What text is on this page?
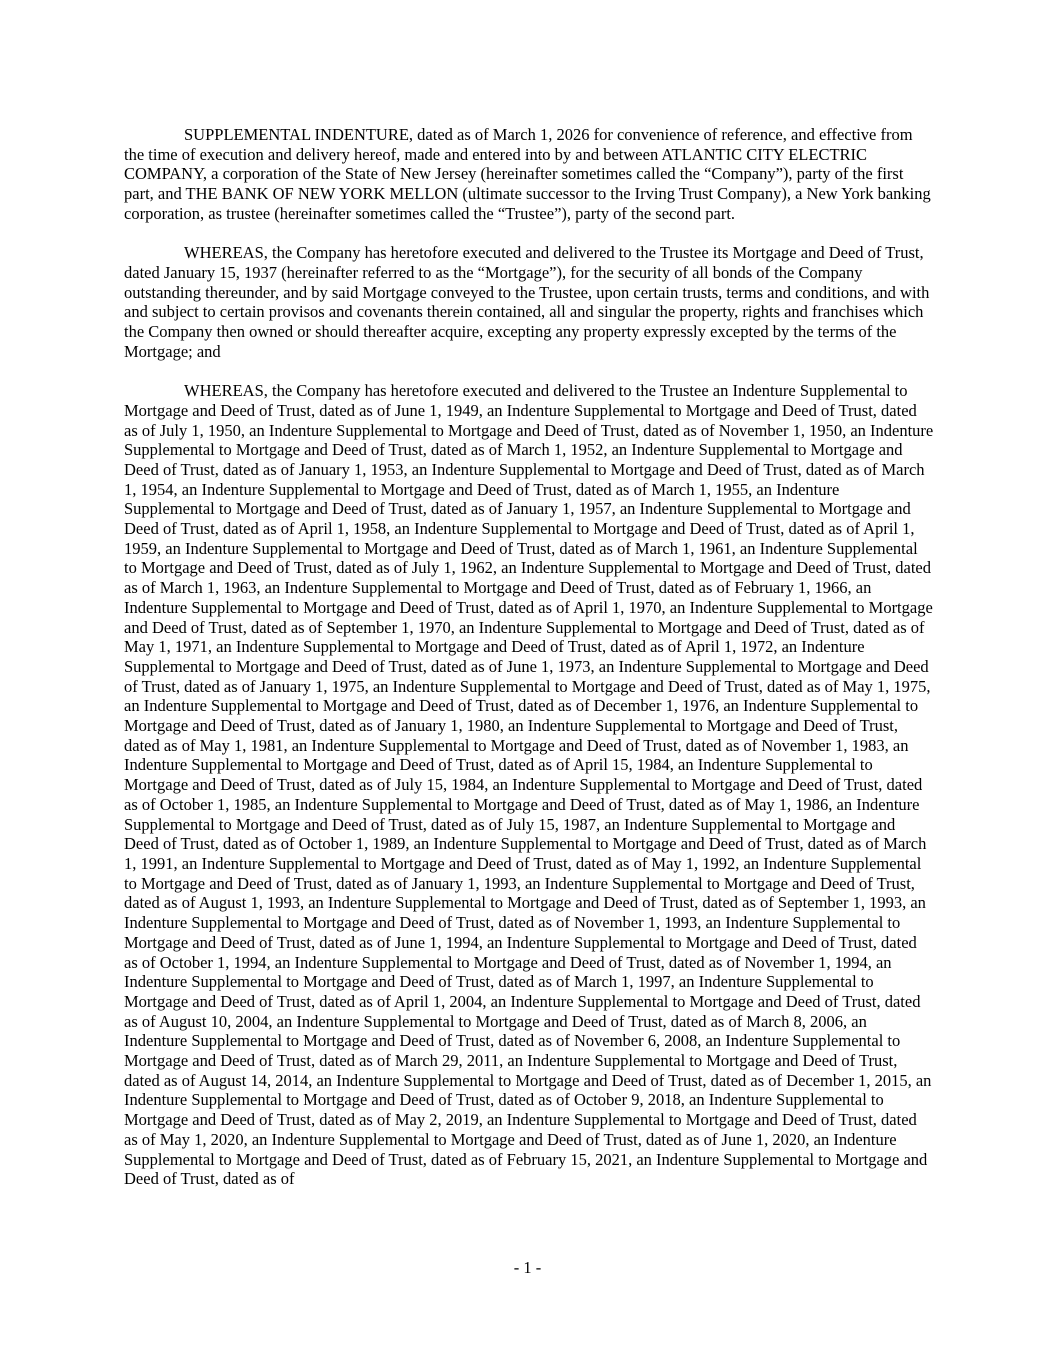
SUPPLEMENTAL INDENTURE, dated as of March 1, 2026 for convenience of reference, and effective from the time of execution and delivery hereof, made and entered into by and between ATLANTIC CITY ELECTRIC COMPANY, a corporation of the State of New Jersey (hereinafter sometimes called the “Company”), party of the first part, and THE BANK OF NEW YORK MELLON (ultimate successor to the Irving Trust Company), a New York banking corporation, as trustee (hereinafter sometimes called the “Trustee”), party of the second part.

WHEREAS, the Company has heretofore executed and delivered to the Trustee its Mortgage and Deed of Trust, dated January 15, 1937 (hereinafter referred to as the “Mortgage”), for the security of all bonds of the Company outstanding thereunder, and by said Mortgage conveyed to the Trustee, upon certain trusts, terms and conditions, and with and subject to certain provisos and covenants therein contained, all and singular the property, rights and franchises which the Company then owned or should thereafter acquire, excepting any property expressly excepted by the terms of the Mortgage; and

WHEREAS, the Company has heretofore executed and delivered to the Trustee an Indenture Supplemental to Mortgage and Deed of Trust, dated as of June 1, 1949, an Indenture Supplemental to Mortgage and Deed of Trust, dated as of July 1, 1950, an Indenture Supplemental to Mortgage and Deed of Trust, dated as of November 1, 1950, an Indenture Supplemental to Mortgage and Deed of Trust, dated as of March 1, 1952, an Indenture Supplemental to Mortgage and Deed of Trust, dated as of January 1, 1953, an Indenture Supplemental to Mortgage and Deed of Trust, dated as of March 1, 1954, an Indenture Supplemental to Mortgage and Deed of Trust, dated as of March 1, 1955, an Indenture Supplemental to Mortgage and Deed of Trust, dated as of January 1, 1957, an Indenture Supplemental to Mortgage and Deed of Trust, dated as of April 1, 1958, an Indenture Supplemental to Mortgage and Deed of Trust, dated as of April 1, 1959, an Indenture Supplemental to Mortgage and Deed of Trust, dated as of March 1, 1961, an Indenture Supplemental to Mortgage and Deed of Trust, dated as of July 1, 1962, an Indenture Supplemental to Mortgage and Deed of Trust, dated as of March 1, 1963, an Indenture Supplemental to Mortgage and Deed of Trust, dated as of February 1, 1966, an Indenture Supplemental to Mortgage and Deed of Trust, dated as of April 1, 1970, an Indenture Supplemental to Mortgage and Deed of Trust, dated as of September 1, 1970, an Indenture Supplemental to Mortgage and Deed of Trust, dated as of May 1, 1971, an Indenture Supplemental to Mortgage and Deed of Trust, dated as of April 1, 1972, an Indenture Supplemental to Mortgage and Deed of Trust, dated as of June 1, 1973, an Indenture Supplemental to Mortgage and Deed of Trust, dated as of January 1, 1975, an Indenture Supplemental to Mortgage and Deed of Trust, dated as of May 1, 1975, an Indenture Supplemental to Mortgage and Deed of Trust, dated as of December 1, 1976, an Indenture Supplemental to Mortgage and Deed of Trust, dated as of January 1, 1980, an Indenture Supplemental to Mortgage and Deed of Trust, dated as of May 1, 1981, an Indenture Supplemental to Mortgage and Deed of Trust, dated as of November 1, 1983, an Indenture Supplemental to Mortgage and Deed of Trust, dated as of April 15, 1984, an Indenture Supplemental to Mortgage and Deed of Trust, dated as of July 15, 1984, an Indenture Supplemental to Mortgage and Deed of Trust, dated as of October 1, 1985, an Indenture Supplemental to Mortgage and Deed of Trust, dated as of May 1, 1986, an Indenture Supplemental to Mortgage and Deed of Trust, dated as of July 15, 1987, an Indenture Supplemental to Mortgage and Deed of Trust, dated as of October 1, 1989, an Indenture Supplemental to Mortgage and Deed of Trust, dated as of March 1, 1991, an Indenture Supplemental to Mortgage and Deed of Trust, dated as of May 1, 1992, an Indenture Supplemental to Mortgage and Deed of Trust, dated as of January 1, 1993, an Indenture Supplemental to Mortgage and Deed of Trust, dated as of August 1, 1993, an Indenture Supplemental to Mortgage and Deed of Trust, dated as of September 1, 1993, an Indenture Supplemental to Mortgage and Deed of Trust, dated as of November 1, 1993, an Indenture Supplemental to Mortgage and Deed of Trust, dated as of June 1, 1994, an Indenture Supplemental to Mortgage and Deed of Trust, dated as of October 1, 1994, an Indenture Supplemental to Mortgage and Deed of Trust, dated as of November 1, 1994, an Indenture Supplemental to Mortgage and Deed of Trust, dated as of March 1, 1997, an Indenture Supplemental to Mortgage and Deed of Trust, dated as of April 1, 2004, an Indenture Supplemental to Mortgage and Deed of Trust, dated as of August 10, 2004, an Indenture Supplemental to Mortgage and Deed of Trust, dated as of March 8, 2006, an Indenture Supplemental to Mortgage and Deed of Trust, dated as of November 6, 2008, an Indenture Supplemental to Mortgage and Deed of Trust, dated as of March 29, 2011, an Indenture Supplemental to Mortgage and Deed of Trust, dated as of August 14, 2014, an Indenture Supplemental to Mortgage and Deed of Trust, dated as of December 1, 2015, an Indenture Supplemental to Mortgage and Deed of Trust, dated as of October 9, 2018, an Indenture Supplemental to Mortgage and Deed of Trust, dated as of May 2, 2019, an Indenture Supplemental to Mortgage and Deed of Trust, dated as of May 1, 2020, an Indenture Supplemental to Mortgage and Deed of Trust, dated as of June 1, 2020, an Indenture Supplemental to Mortgage and Deed of Trust, dated as of February 15, 2021, an Indenture Supplemental to Mortgage and Deed of Trust, dated as of

- 1 -
